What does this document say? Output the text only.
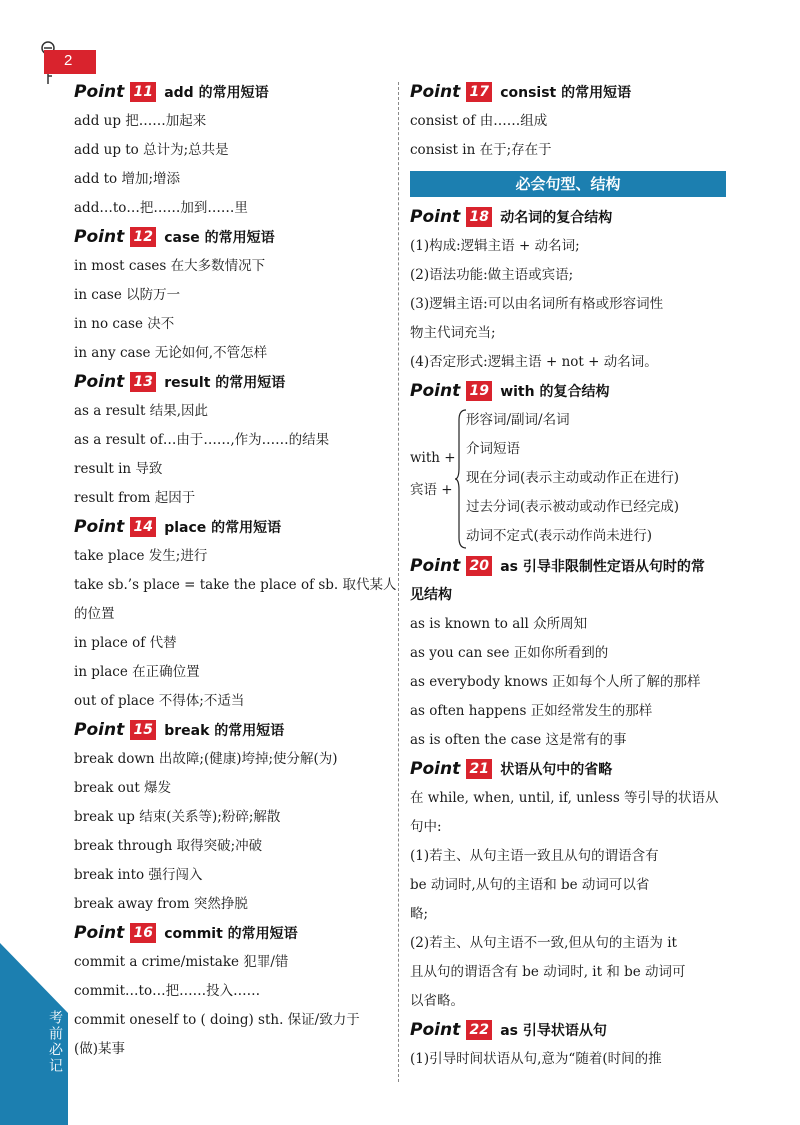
2
考前必记
Point 11 add 的常用短语
add up 把……加起来
add up to 总计为;总共是
add to 增加;增添
add…to…把……加到……里
Point 12 case 的常用短语
in most cases 在大多数情况下
in case 以防万一
in no case 决不
in any case 无论如何,不管怎样
Point 13 result 的常用短语
as a result 结果,因此
as a result of…由于……,作为……的结果
result in 导致
result from 起因于
Point 14 place 的常用短语
take place 发生;进行
take sb.’s place = take the place of sb. 取代某人
的位置
in place of 代替
in place 在正确位置
out of place 不得体;不适当
Point 15 break 的常用短语
break down 出故障;(健康)垮掉;使分解(为)
break out 爆发
break up 结束(关系等);粉碎;解散
break through 取得突破;冲破
break into 强行闯入
break away from 突然挣脱
Point 16 commit 的常用短语
commit a crime/mistake 犯罪/错
commit…to…把……投入……
commit oneself to ( doing) sth. 保证/致力于
(做)某事
Point 17 consist 的常用短语
consist of 由……组成
consist in 在于;存在于
必会句型、结构
Point 18 动名词的复合结构
(1)构成:逻辑主语 + 动名词;
(2)语法功能:做主语或宾语;
(3)逻辑主语:可以由名词所有格或形容词性
物主代词充当;
(4)否定形式:逻辑主语 + not + 动名词。
Point 19 with 的复合结构
with +
宾语 +
形容词/副词/名词
介词短语
现在分词(表示主动或动作正在进行)
过去分词(表示被动或动作已经完成)
动词不定式(表示动作尚未进行)
Point 20 as 引导非限制性定语从句时的常
见结构
as is known to all 众所周知
as you can see 正如你所看到的
as everybody knows 正如每个人所了解的那样
as often happens 正如经常发生的那样
as is often the case 这是常有的事
Point 21 状语从句中的省略
在 while, when, until, if, unless 等引导的状语从
句中:
(1)若主、从句主语一致且从句的谓语含有
be 动词时,从句的主语和 be 动词可以省
略;
(2)若主、从句主语不一致,但从句的主语为 it
且从句的谓语含有 be 动词时, it 和 be 动词可
以省略。
Point 22 as 引导状语从句
(1)引导时间状语从句,意为“随着(时间的推
